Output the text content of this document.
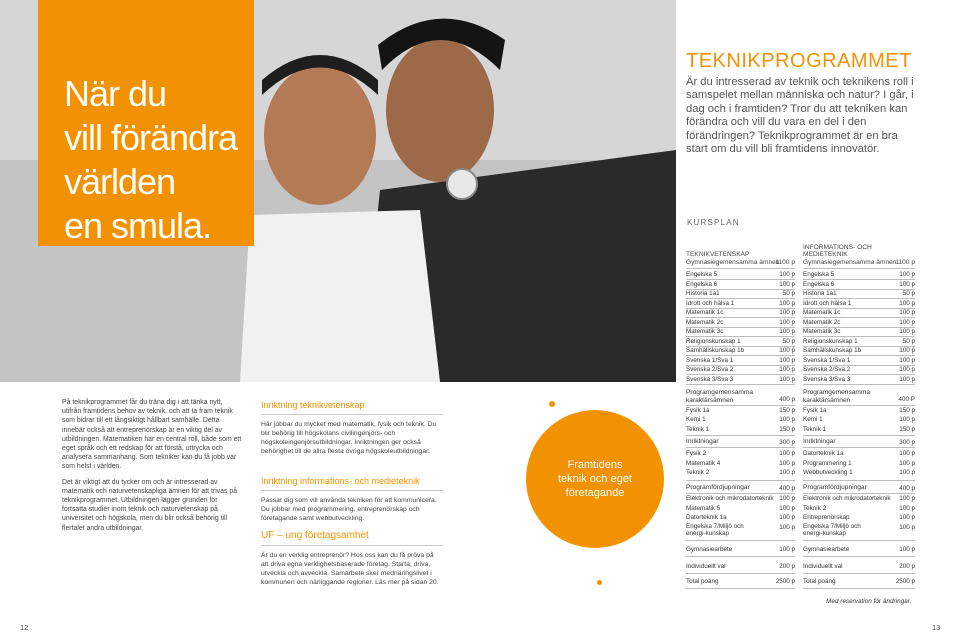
När du
vill förändra
världen
en smula.
TEKNIKPROGRAMMET
Är du intresserad av teknik och teknikens roll i samspelet mellan människa och natur? I går, i dag och i framtiden? Tror du att tekniken kan förändra och vill du vara en del i den förändringen? Teknikprogrammet är en bra start om du vill bli framtidens innovatör.
KURSPLAN
TEKNIKVETENSKAP
Gymnasiegemensamma ämnen
1100 p
INFORMATIONS- OCH
MEDIETEKNIK
Gymnasiegemensamma ämnen
1100 p
Engelska 5	100 p
Engelska 6	100 p
Historia 1a1	50 p
Idrott och hälsa 1	100 p
Matematik 1c	100 p
Matematik 2c	100 p
Matematik 3c	100 p
Religionskunskap 1	50 p
Samhällskunskap 1b	100 p
Svenska 1/Sva 1	100 p
Svenska 2/Sva 2	100 p
Svenska 3/Sva 3	100 p
Programgemensamma karaktärsämnen	400 p
Fysik 1a	150 p
Kemi 1	100 p
Teknik 1	150 p
Inriktningar	300 p
Fysik 2	100 p
Matematik 4	100 p
Teknik 2	100 p
Programfördjupningar	400 p
Elektronik och mikrodatorteknik 100 p
Matematik 5	100 p
Datorteknik 1a	100 p
Engelska 7/Miljö och energi-kunskap
100 p
Gymnasiearbete	100 p
Individuellt val	200 p
Total poäng	2500 p
Engelska 5	100 p
Engelska 6	100 p
Historia 1a1	50 p
Idrott och hälsa 1	100 p
Matematik 1c	100 p
Matematik 2c	100 p
Matematik 3c	100 p
Religionskunskap 1	50 p
Samhällskunskap 1b	100 p
Svenska 1/Sva 1	100 p
Svenska 2/Sva 2	100 p
Svenska 3/Sva 3	100 p
Programgemensamma karaktärsämnen	400 P
Fysik 1a	150 p
Kemi 1	100 p
Teknik 1	150 p
Inriktningar	300 p
Datorteknik 1a	100 p
Programmering 1	100 p
Webbutveckling 1	100 p
Programfördjupningar	400 p
Elektronik och mikrodatorteknik 100 p
Teknik 2	100 p
Entreprenörskap	100 p
Engelska 7/Miljö och energi-kunskap
100 p
Gymnasiearbete	100 p
Individuellt val	200 p
Total poäng	2500 p

På teknikprogrammet får du träna dig i att tänka nytt, utifrån framtidens behov av teknik, och att ta fram teknik som bidrar till ett långsiktigt hållbart samhälle. Detta innebär också att entreprenörskap är en viktig del av utbildningen. Matematiken har en central roll, både som ett eget språk och ett redskap för att förstå, uttrycka och analysera sammanhang. Som tekniker kan du få jobb var som helst i världen.

Det är viktigt att du tycker om och är intresserad av matematik och naturvetenskapliga ämnen för att trivas på teknikprogrammet. Utbildningen lägger grunden för fortsatta studier inom teknik och naturvetenskap på universitet och högskola, men du blir också behörig till flertalet andra utbildningar.

Inriktning teknikvetenskap
Här jobbar du mycket med matematik, fysik och teknik. Du blir behörig till högskolans civilingenjörs- och högskoleingenjörsutbildningar. Inriktningen ger också behörighet till de allra flesta övriga högskoleutbildningar.
Inriktning informations- och medieteknik
Passar dig som vill använda tekniken för att kommunicera. Du jobbar med programmering, entreprenörskap och företagande samt webbutveckling.
UF – ung företagsamhet
Är du en verklig entreprenör? Hos oss kan du få pröva på att driva egna verklighetsbaserade företag. Starta, driva, utveckla och avveckla. Samarbete sker mednäringslivet i kommunen och närliggande regioner. Läs mer på sidan 20.
Framtidens
teknik och eget
företagande
Med reservation för ändringar.
12	13
